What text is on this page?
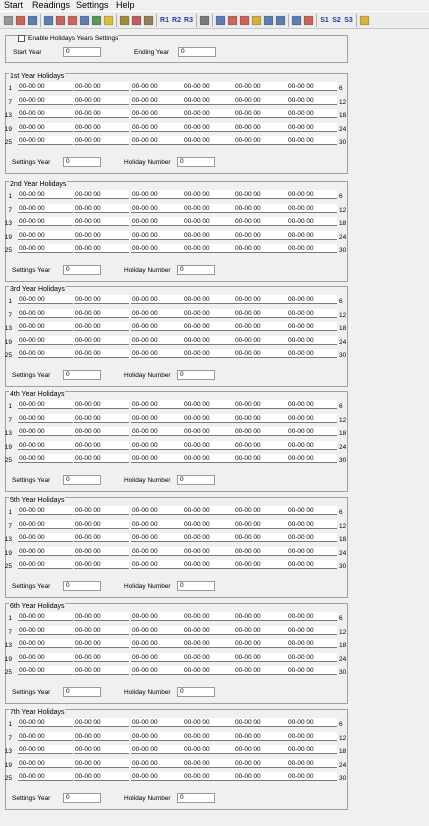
Start Readings Settings Help
R1 R2 R3	S1 S2 S3
Enable Holidays Years Settings
Start Year	0	Ending Year	0
1st Year Holidays
1 00-00 00	00-00 00	00-00 00	00-00 00	00-00 00	00-00 00	6
7 00-00 00	00-00 00	00-00 00	00-00 00	00-00 00	00-00 00	12
13 00-00 00	00-00 00	00-00 00	00-00 00	00-00 00	00-00 00	18
19 00-00 00	00-00 00	00-00 00	00-00 00	00-00 00	00-00 00	24
25 00-00 00	00-00 00	00-00 00	00-00 00	00-00 00	00-00 00	30
Settings Year	0	Holiday Number	0
2nd Year Holidays
1 00-00 00	00-00 00	00-00 00	00-00 00	00-00 00	00-00 00	6
7 00-00 00	00-00 00	00-00 00	00-00 00	00-00 00	00-00 00	12
13 00-00 00	00-00 00	00-00 00	00-00 00	00-00 00	00-00 00	18
19 00-00 00	00-00 00	00-00 00	00-00 00	00-00 00	00-00 00	24
25 00-00 00	00-00 00	00-00 00	00-00 00	00-00 00	00-00 00	30
Settings Year	0	Holiday Number	0
3rd Year Holidays
1 00-00 00	00-00 00	00-00 00	00-00 00	00-00 00	00-00 00	6
7 00-00 00	00-00 00	00-00 00	00-00 00	00-00 00	00-00 00	12
13 00-00 00	00-00 00	00-00 00	00-00 00	00-00 00	00-00 00	18
19 00-00 00	00-00 00	00-00 00	00-00 00	00-00 00	00-00 00	24
25 00-00 00	00-00 00	00-00 00	00-00 00	00-00 00	00-00 00	30
Settings Year	0	Holiday Number	0
4th Year Holidays
1 00-00 00	00-00 00	00-00 00	00-00 00	00-00 00	00-00 00	6
7 00-00 00	00-00 00	00-00 00	00-00 00	00-00 00	00-00 00	12
13 00-00 00	00-00 00	00-00 00	00-00 00	00-00 00	00-00 00	18
19 00-00 00	00-00 00	00-00 00	00-00 00	00-00 00	00-00 00	24
25 00-00 00	00-00 00	00-00 00	00-00 00	00-00 00	00-00 00	30
Settings Year	0	Holiday Number	0
5th Year Holidays
1 00-00 00	00-00 00	00-00 00	00-00 00	00-00 00	00-00 00	6
7 00-00 00	00-00 00	00-00 00	00-00 00	00-00 00	00-00 00	12
13 00-00 00	00-00 00	00-00 00	00-00 00	00-00 00	00-00 00	18
19 00-00 00	00-00 00	00-00 00	00-00 00	00-00 00	00-00 00	24
25 00-00 00	00-00 00	00-00 00	00-00 00	00-00 00	00-00 00	30
Settings Year	0	Holiday Number	0
6th Year Holidays
1 00-00 00	00-00 00	00-00 00	00-00 00	00-00 00	00-00 00	6
7 00-00 00	00-00 00	00-00 00	00-00 00	00-00 00	00-00 00	12
13 00-00 00	00-00 00	00-00 00	00-00 00	00-00 00	00-00 00	18
19 00-00 00	00-00 00	00-00 00	00-00 00	00-00 00	00-00 00	24
25 00-00 00	00-00 00	00-00 00	00-00 00	00-00 00	00-00 00	30
Settings Year	0	Holiday Number	0
7th Year Holidays
1 00-00 00	00-00 00	00-00 00	00-00 00	00-00 00	00-00 00	6
7 00-00 00	00-00 00	00-00 00	00-00 00	00-00 00	00-00 00	12
13 00-00 00	00-00 00	00-00 00	00-00 00	00-00 00	00-00 00	18
19 00-00 00	00-00 00	00-00 00	00-00 00	00-00 00	00-00 00	24
25 00-00 00	00-00 00	00-00 00	00-00 00	00-00 00	00-00 00	30
Settings Year	0	Holiday Number	0
